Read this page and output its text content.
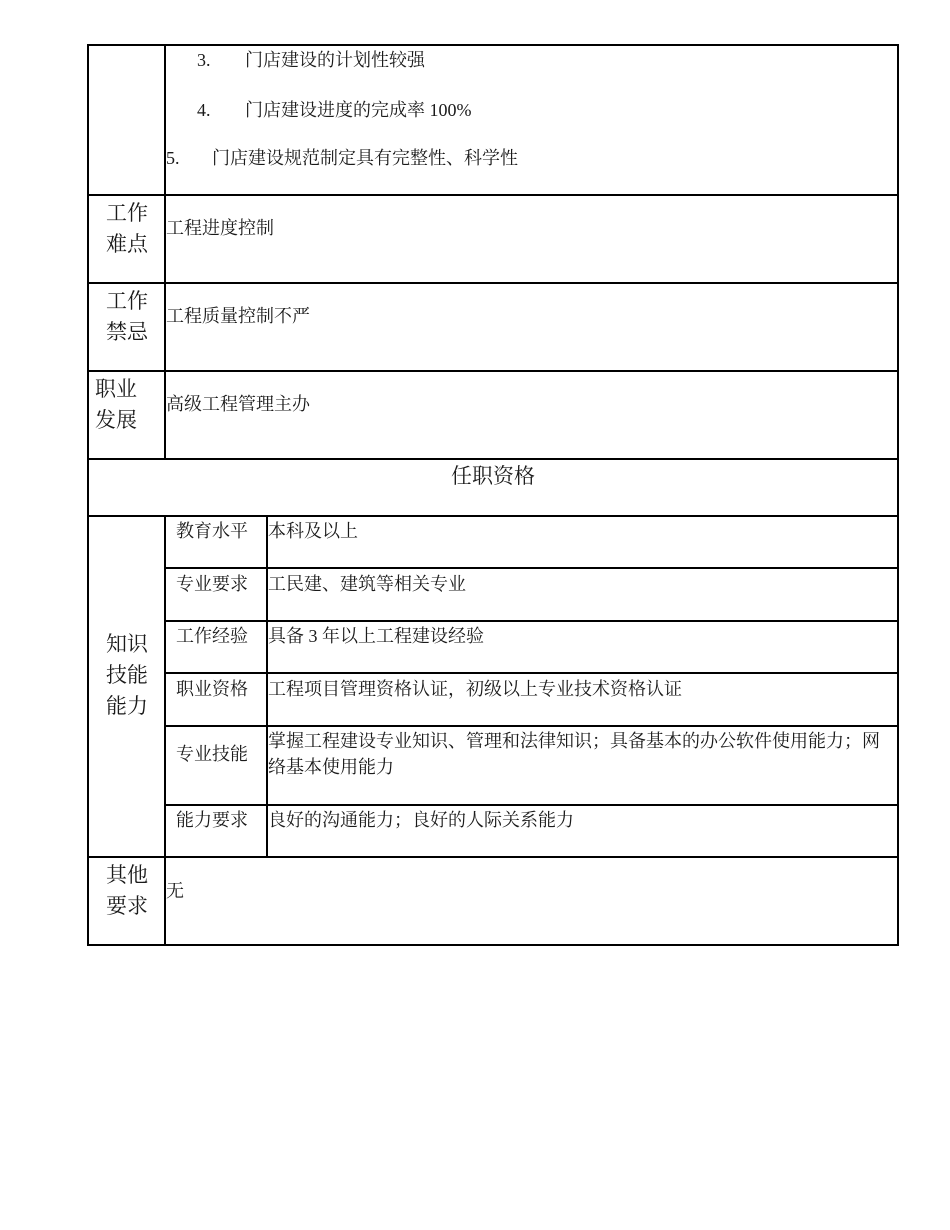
3. 门店建设的计划性较强
4. 门店建设进度的完成率 100%
5. 门店建设规范制定具有完整性、科学性
工作
难点
工程进度控制
工作
禁忌
工程质量控制不严
职业
发展
高级工程管理主办
任职资格
知识
技能
能力
教育水平 本科及以上
专业要求 工民建、建筑等相关专业
工作经验 具备 3 年以上工程建设经验
职业资格 工程项目管理资格认证，初级以上专业技术资格认证
专业技能
掌握工程建设专业知识、管理和法律知识；具备基本的办公软件使用能力；网络基本使用能力
能力要求 良好的沟通能力；良好的人际关系能力
其他
要求
无
